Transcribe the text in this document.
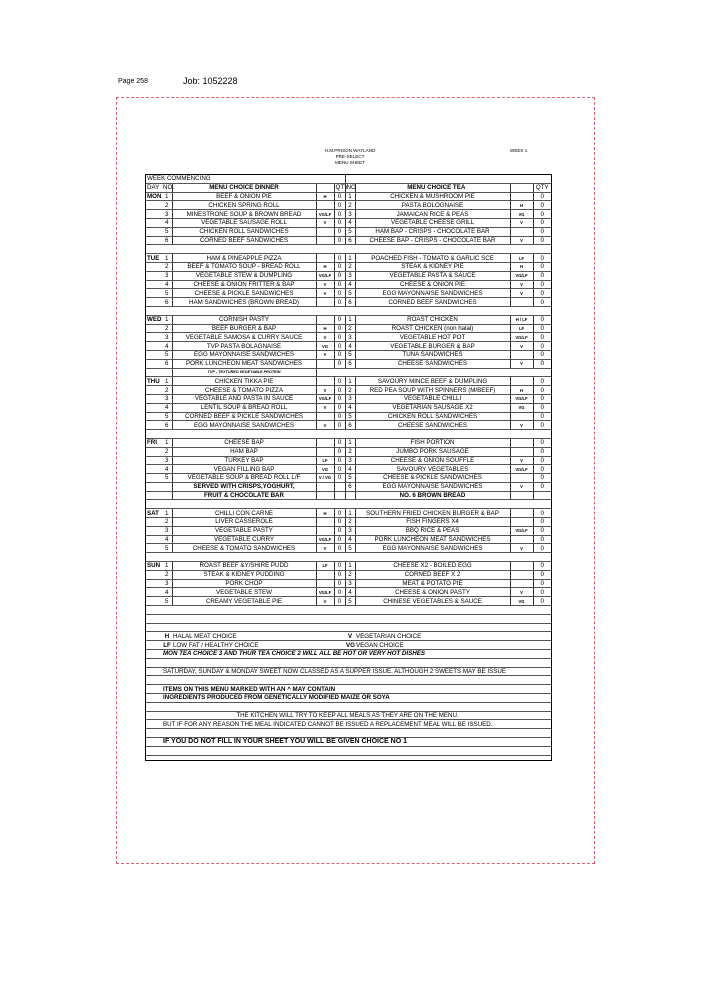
Page 258	Job: 1052228
H.M.PRISON WAYLAND
PRE-SELECT
MENU SHEET
WEEK 1
WEEK COMMENCING									
DAY	NO.	MENU CHOICE DINNER		QTY	NO		MENU CHOICE TEA		QTY
MON	1	BEEF & ONION PIE	H	0	1	CHICKEN & MUSHROOM PIE			0
	2	CHICKEN SPRING ROLL		0	2	PASTA BOLOGNAISE		H	0
	3	MINESTRONE SOUP & BROWN BREAD	VG/LF	0	3	JAMAICAN RICE & PEAS		VG	0
	4	VEGETABLE SAUSAGE ROLL	V	0	4	VEGETABLE CHEESE GRILL		V	0
	5	CHICKEN ROLL SANDWICHES		0	5	HAM BAP - CRISPS - CHOCOLATE BAR			0
	6	CORNED BEEF SANDWICHES		0	6	CHEESE BAP - CRISPS - CHOCOLATE BAR		V	0

TUE	1	HAM & PINEAPPLE PIZZA		0	1	POACHED FISH - TOMATO & GARLIC SCE		LF	0
	2	BEEF & TOMATO SOUP - BREAD ROLL	H	0	2	STEAK & KIDNEY PIE		H	0
	3	VEGETABLE STEW & DUMPLING	VG/LF	0	3	VEGETABLE PASTA & SAUCE		VG/LF	0
	4	CHEESE & ONION FRITTER & BAP	V	0	4	CHEESE & ONION PIE		V	0
	5	CHEESE & PICKLE SANDWICHES	V	0	5	EGG MAYONNAISE SANDWICHES		V	0
	6	HAM SANDWICHES (BROWN BREAD)		0	6	CORNED BEEF SANDWICHES			0

WED	1	CORNISH PASTY		0	1	ROAST CHICKEN		H / LF	0
	2	BEEF BURGER & BAP	H	0	2	ROAST CHICKEN (non halal)		LF	0
	3	VEGETABLE SAMOSA & CURRY SAUCE	V	0	3	VEGETABLE HOT POT		VG/LF	0
	4	TVP PASTA BOLAGNAISE	VG	0	4	VEGETABLE BURGER & BAP		V	0
	5	EGG MAYONNAISE SANDWICHES	V	0	5	TUNA SANDWICHES			0
	6	PORK LUNCHEON MEAT SANDWICHES		0	6	CHEESE SANDWICHES		V	0
		TVP - TEXTURED VEGETABLE PROTEIN							
THU	1	CHICKEN TIKKA PIE		0	1	SAVOURY MINCE BEEF & DUMPLING			0
	2	CHEESE & TOMATO PIZZA	V	0	2	RED PEA SOUP WITH SPINNERS (M/BEEF)		H	0
	3	VEGTABLE AND PASTA IN SAUCE	VG/LF	0	3	VEGETABLE CHILLI		VG/LF	0
	4	LENTIL SOUP & BREAD ROLL	V	0	4	VEGETARIAN SAUSAGE X2		VG	0
	5	CORNED BEEF & PICKLE SANDWICHES		0	5	CHICKEN ROLL SANDWICHES			0
	6	EGG MAYONNAISE SANDWICHES	V	0	6	CHEESE SANDWICHES		V	0

FRI	1	CHEESE BAP		0	1	FISH PORTION			0
	2	HAM BAP		0	2	JUMBO PORK SAUSAGE			0
	3	TURKEY BAP	LF	0	3	CHEESE & ONION SOUFFLE		V	0
	4	VEGAN FILLING BAP	VG	0	4	SAVOURY VEGETABLES		VG/LF	0
	5	VEGETABLE SOUP & BREAD ROLL L/F	V / VG	0	5	CHEESE & PICKLE SANDWICHES			0
		SERVED WITH CRISPS,YOGHURT,			6	EGG MAYONNAISE SANDWICHES		V	0
		FRUIT & CHOCOLATE BAR				NO. 6 BROWN BREAD			

SAT	1	CHILLI CON CARNE	H	0	1	SOUTHERN FRIED CHICKEN BURGER & BAP			0
	2	LIVER CASSEROLE		0	2	FISH FINGERS X4			0
	3	VEGETABLE PASTY		0	3	BBQ RICE & PEAS		VG/LF	0
	4	VEGETABLE CURRY	VG/LF	0	4	PORK LUNCHEON MEAT SANDWICHES			0
	5	CHEESE & TOMATO SANDWICHES	V	0	5	EGG MAYONNAISE SANDWICHES		V	0

SUN	1	ROAST BEEF &Y/SHIRE PUDD	LF	0	1	CHEESE X2 - BOILED EGG			0
	2	STEAK & KIDNEY PUDDING		0	2	CORNED BEEF X 2			0
	3	PORK CHOP		0	3	MEAT & POTATO PIE			0
	4	VEGETABLE STEW	VG/LF	0	4	CHEESE & ONION PASTY		V	0
	5	CREAMY VEGETABLE PIE	V	0	5	CHINESE VEGETABLES & SAUCE		VG	0

	H	HALAL MEAT CHOICE			V	VEGETARIAN CHOICE			
	LF	LOW FAT / HEALTHY CHOICE			VG	VEGAN CHOICE			
	MON TEA CHOICE 3 AND THUR TEA CHOICE 2 WILL ALL BE HOT OR VERY HOT DISHES								

	SATURDAY, SUNDAY & MONDAY SWEET NOW CLASSED AS A SUPPER ISSUE, ALTHOUGH 2 SWEETS MAY BE ISSUE								

	ITEMS ON THIS MENU MARKED WITH AN ^ MAY CONTAIN								
	INGREDIENTS PRODUCED FROM GENETICALLY MODIFIED MAIZE OR SOYA								

	THE KITCHEN WILL TRY TO KEEP ALL MEALS AS THEY ARE ON THE MENU.								
	BUT IF FOR ANY REASON THE MEAL INDICATED CANNOT BE ISSUED A REPLACEMENT MEAL WILL BE ISSUED.								

	IF YOU DO NOT FILL IN YOUR SHEET YOU WILL BE GIVEN CHOICE NO 1								
